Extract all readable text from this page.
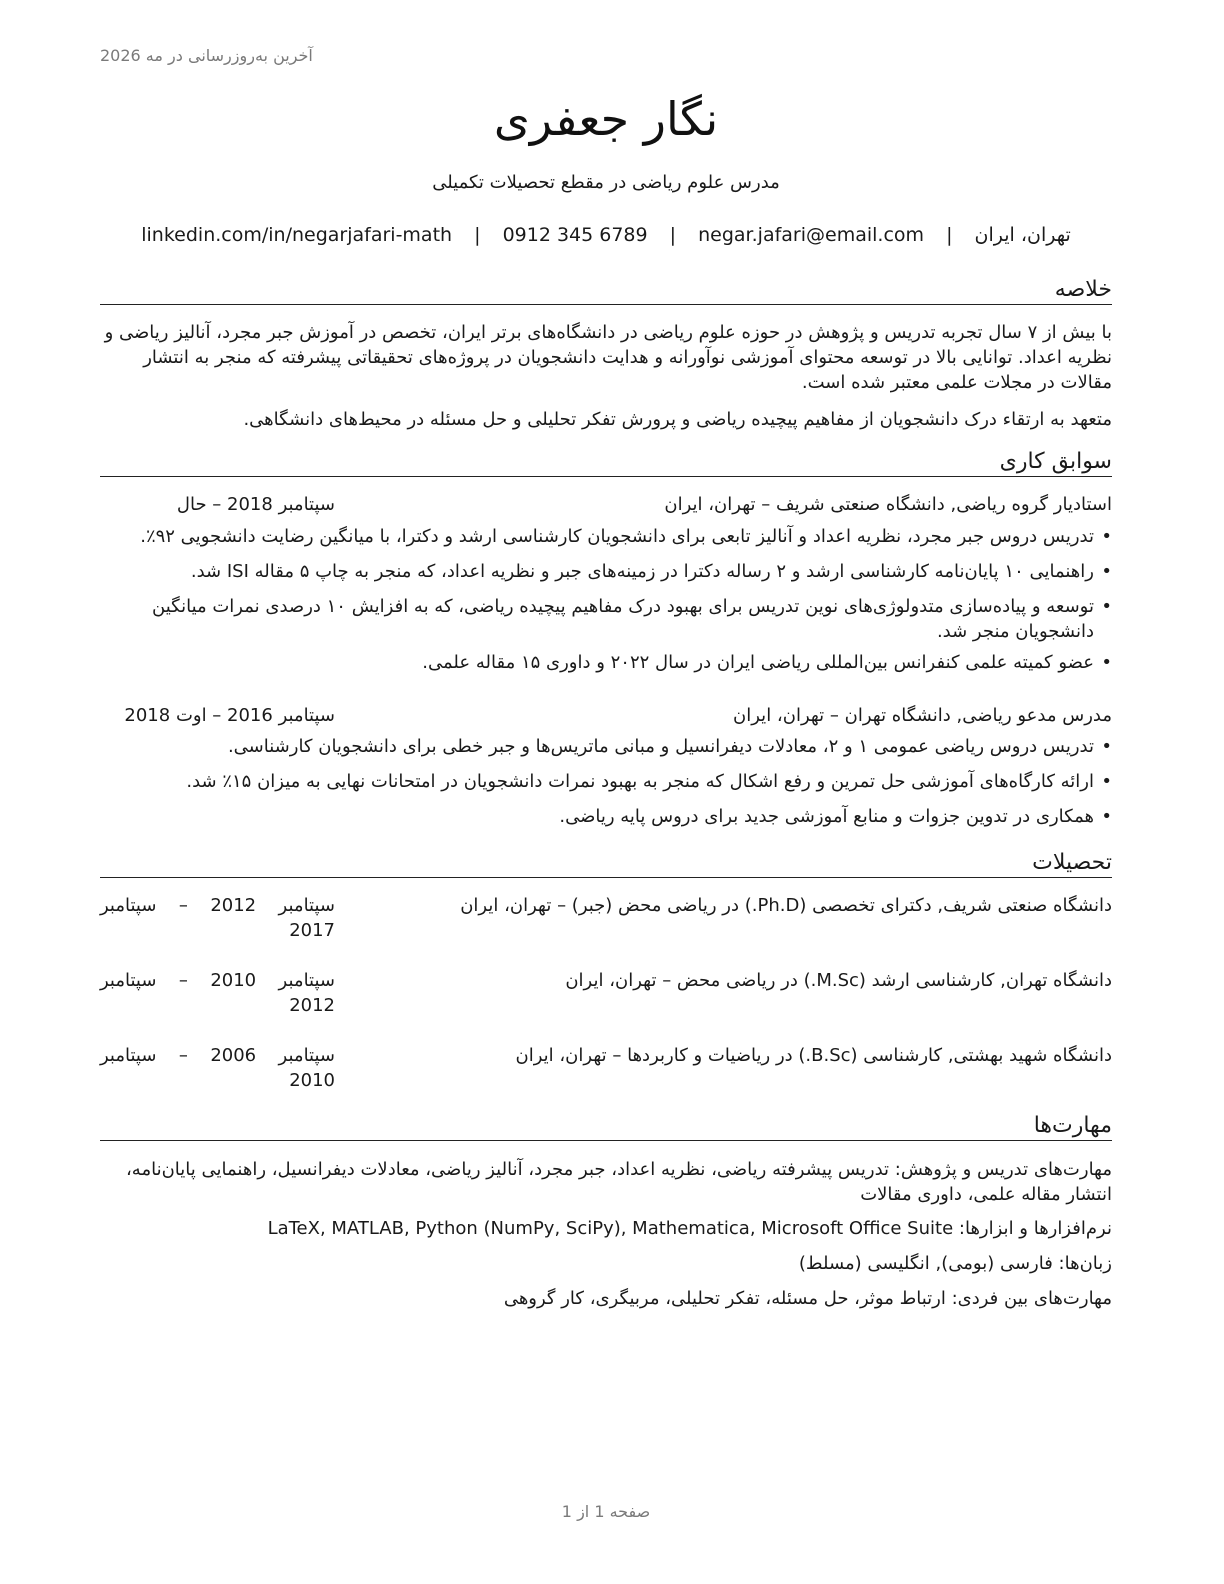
آخرین به‌روزرسانی در مه 2026
نگار جعفری
مدرس علوم ریاضی در مقطع تحصیلات تکمیلی
تهران، ایران | negar.jafari@email.com | 0912 345 6789 | linkedin.com/in/negarjafari-math
خلاصه
با بیش از ۷ سال تجربه تدریس و پژوهش در حوزه علوم ریاضی در دانشگاه‌های برتر ایران، تخصص در آموزش جبر مجرد، آنالیز ریاضی و نظریه اعداد. توانایی بالا در توسعه محتوای آموزشی نوآورانه و هدایت دانشجویان در پروژه‌های تحقیقاتی پیشرفته که منجر به انتشار مقالات در مجلات علمی معتبر شده است.
متعهد به ارتقاء درک دانشجویان از مفاهیم پیچیده ریاضی و پرورش تفکر تحلیلی و حل مسئله در محیط‌های دانشگاهی.
سوابق کاری
استادیار گروه ریاضی, دانشگاه صنعتی شریف – تهران، ایران
سپتامبر 2018 – حال
• تدریس دروس جبر مجرد، نظریه اعداد و آنالیز تابعی برای دانشجویان کارشناسی ارشد و دکترا، با میانگین رضایت دانشجویی ۹۲٪.
• راهنمایی ۱۰ پایان‌نامه کارشناسی ارشد و ۲ رساله دکترا در زمینه‌های جبر و نظریه اعداد، که منجر به چاپ ۵ مقاله ISI شد.
• توسعه و پیاده‌سازی متدولوژی‌های نوین تدریس برای بهبود درک مفاهیم پیچیده ریاضی، که به افزایش ۱۰ درصدی نمرات میانگین دانشجویان منجر شد.
• عضو کمیته علمی کنفرانس بین‌المللی ریاضی ایران در سال ۲۰۲۲ و داوری ۱۵ مقاله علمی.
مدرس مدعو ریاضی, دانشگاه تهران – تهران، ایران
سپتامبر 2016 – اوت 2018
• تدریس دروس ریاضی عمومی ۱ و ۲، معادلات دیفرانسیل و مبانی ماتریس‌ها و جبر خطی برای دانشجویان کارشناسی.
• ارائه کارگاه‌های آموزشی حل تمرین و رفع اشکال که منجر به بهبود نمرات دانشجویان در امتحانات نهایی به میزان ۱۵٪ شد.
• همکاری در تدوین جزوات و منابع آموزشی جدید برای دروس پایه ریاضی.
تحصیلات
دانشگاه صنعتی شریف, دکترای تخصصی (Ph.D.) در ریاضی محض (جبر) – تهران، ایران
سپتامبر 2012 – سپتامبر 2017
دانشگاه تهران, کارشناسی ارشد (M.Sc.) در ریاضی محض – تهران، ایران
سپتامبر 2010 – سپتامبر 2012
دانشگاه شهید بهشتی, کارشناسی (B.Sc.) در ریاضیات و کاربردها – تهران، ایران
سپتامبر 2006 – سپتامبر 2010
مهارت‌ها
مهارت‌های تدریس و پژوهش: تدریس پیشرفته ریاضی، نظریه اعداد، جبر مجرد، آنالیز ریاضی، معادلات دیفرانسیل، راهنمایی پایان‌نامه، انتشار مقاله علمی، داوری مقالات
نرم‌افزارها و ابزارها: LaTeX, MATLAB, Python (NumPy, SciPy), Mathematica, Microsoft Office Suite
زبان‌ها: فارسی (بومی), انگلیسی (مسلط)
مهارت‌های بین فردی: ارتباط موثر، حل مسئله، تفکر تحلیلی، مربیگری، کار گروهی
صفحه 1 از 1
